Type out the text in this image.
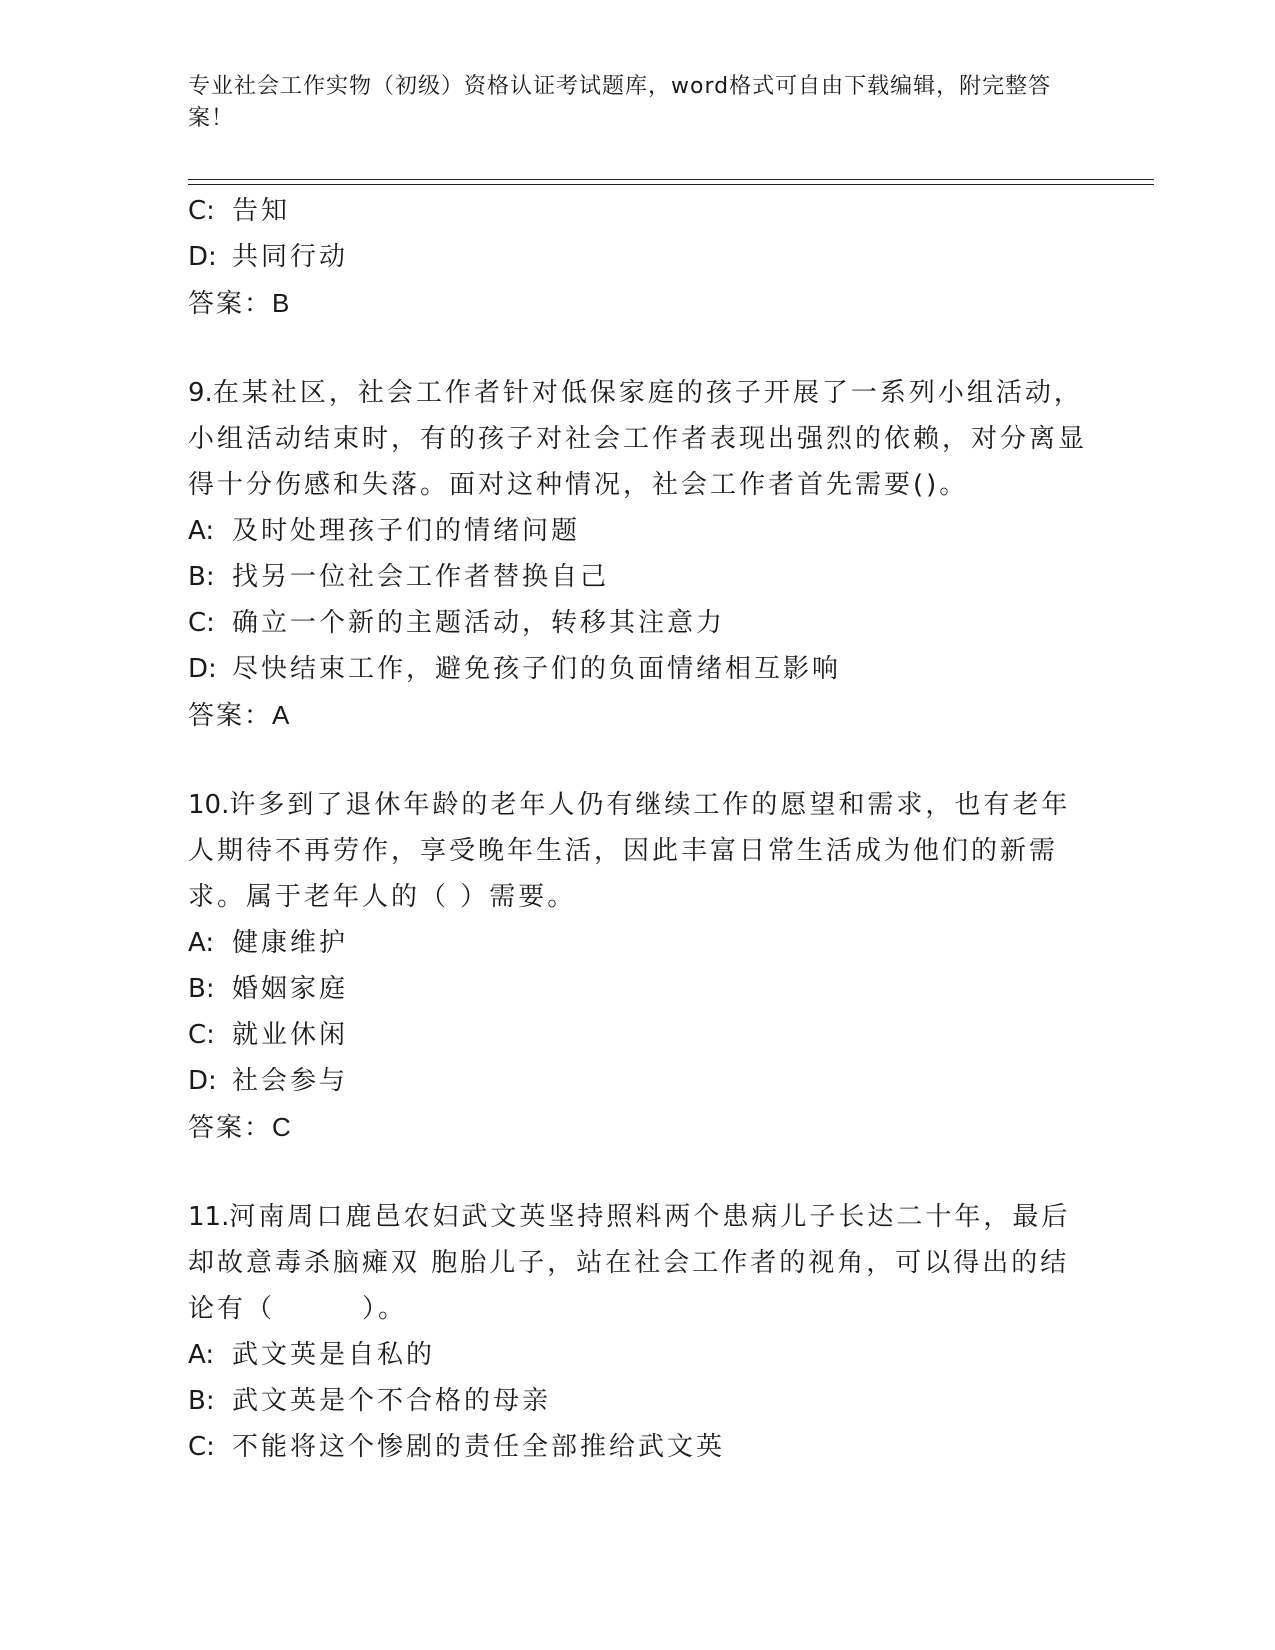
专业社会工作实物（初级）资格认证考试题库，word格式可自由下载编辑，附完整答案！
C: 告知
D: 共同行动
答案：B
9.在某社区，社会工作者针对低保家庭的孩子开展了一系列小组活动，小组活动结束时，有的孩子对社会工作者表现出强烈的依赖，对分离显得十分伤感和失落。面对这种情况，社会工作者首先需要()。
A: 及时处理孩子们的情绪问题
B: 找另一位社会工作者替换自己
C: 确立一个新的主题活动，转移其注意力
D: 尽快结束工作，避免孩子们的负面情绪相互影响
答案：A
10.许多到了退休年龄的老年人仍有继续工作的愿望和需求，也有老年人期待不再劳作，享受晚年生活，因此丰富日常生活成为他们的新需求。属于老年人的（ ）需要。
A: 健康维护
B: 婚姻家庭
C: 就业休闲
D: 社会参与
答案：C
11.河南周口鹿邑农妇武文英坚持照料两个患病儿子长达二十年，最后却故意毒杀脑瘫双 胞胎儿子，站在社会工作者的视角，可以得出的结论有（　　　）。
A: 武文英是自私的
B: 武文英是个不合格的母亲
C: 不能将这个惨剧的责任全部推给武文英
